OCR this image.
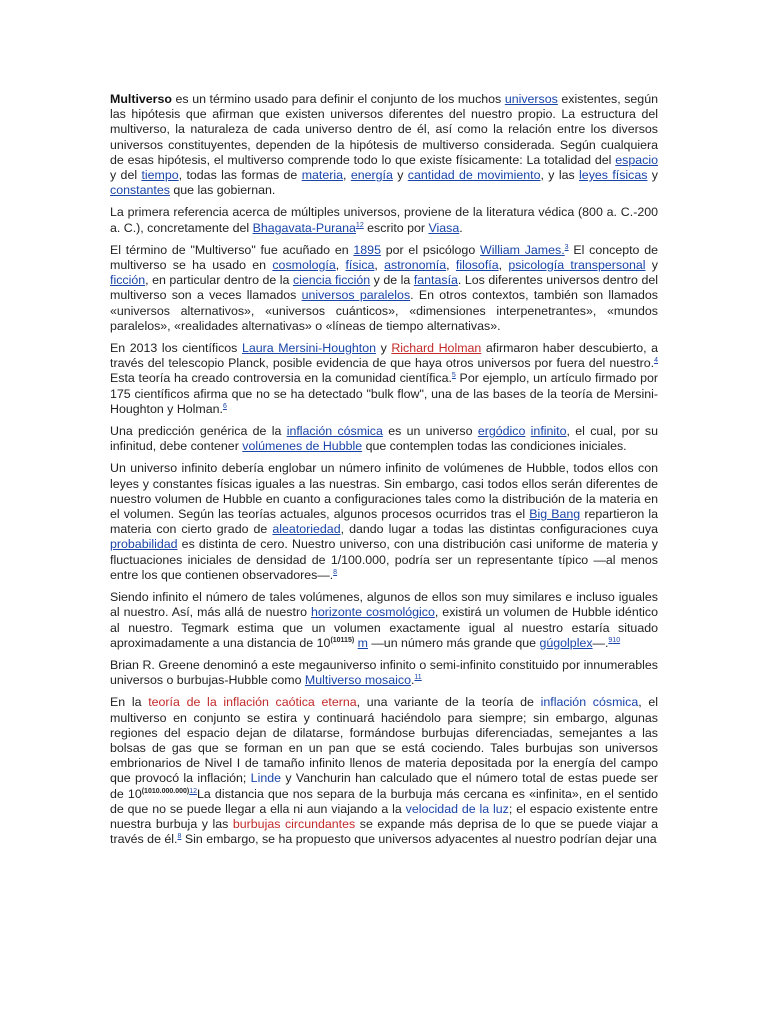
Multiverso es un término usado para definir el conjunto de los muchos universos existentes, según las hipótesis que afirman que existen universos diferentes del nuestro propio. La estructura del multiverso, la naturaleza de cada universo dentro de él, así como la relación entre los diversos universos constituyentes, dependen de la hipótesis de multiverso considerada. Según cualquiera de esas hipótesis, el multiverso comprende todo lo que existe físicamente: La totalidad del espacio y del tiempo, todas las formas de materia, energía y cantidad de movimiento, y las leyes físicas y constantes que las gobiernan.

La primera referencia acerca de múltiples universos, proviene de la literatura védica (800 a. C.-200 a. C.), concretamente del Bhagavata-Purana$^{12}$ escrito por Viasa.

El término de "Multiverso" fue acuñado en 1895 por el psicólogo William James.$^3$ El concepto de multiverso se ha usado en cosmología, física, astronomía, filosofía, psicología transpersonal y ficción, en particular dentro de la ciencia ficción y de la fantasía. Los diferentes universos dentro del multiverso son a veces llamados universos paralelos. En otros contextos, también son llamados «universos alternativos», «universos cuánticos», «dimensiones interpenetrantes», «mundos paralelos», «realidades alternativas» o «líneas de tiempo alternativas».

En 2013 los científicos Laura Mersini-Houghton y Richard Holman afirmaron haber descubierto, a través del telescopio Planck, posible evidencia de que haya otros universos por fuera del nuestro.$^4$ Esta teoría ha creado controversia en la comunidad científica.$^5$ Por ejemplo, un artículo firmado por 175 científicos afirma que no se ha detectado "bulk flow", una de las bases de la teoría de Mersini-Houghton y Holman.$^6$

Una predicción genérica de la inflación cósmica es un universo ergódico infinito, el cual, por su infinitud, debe contener volúmenes de Hubble que contemplen todas las condiciones iniciales.

Un universo infinito debería englobar un número infinito de volúmenes de Hubble, todos ellos con leyes y constantes físicas iguales a las nuestras. Sin embargo, casi todos ellos serán diferentes de nuestro volumen de Hubble en cuanto a configuraciones tales como la distribución de la materia en el volumen. Según las teorías actuales, algunos procesos ocurridos tras el Big Bang repartieron la materia con cierto grado de aleatoriedad, dando lugar a todas las distintas configuraciones cuya probabilidad es distinta de cero. Nuestro universo, con una distribución casi uniforme de materia y fluctuaciones iniciales de densidad de 1/100.000, podría ser un representante típico —al menos entre los que contienen observadores—.$^8$

Siendo infinito el número de tales volúmenes, algunos de ellos son muy similares e incluso iguales al nuestro. Así, más allá de nuestro horizonte cosmológico, existirá un volumen de Hubble idéntico al nuestro. Tegmark estima que un volumen exactamente igual al nuestro estaría situado aproximadamente a una distancia de $10^{(10115)}$ m —un número más grande que gúgolplex—.$^{910}$

Brian R. Greene denominó a este megauniverso infinito o semi-infinito constituido por innumerables universos o burbujas-Hubble como Multiverso mosaico.$^{11}$

En la teoría de la inflación caótica eterna, una variante de la teoría de inflación cósmica, el multiverso en conjunto se estira y continuará haciéndolo para siempre; sin embargo, algunas regiones del espacio dejan de dilatarse, formándose burbujas diferenciadas, semejantes a las bolsas de gas que se forman en un pan que se está cociendo. Tales burbujas son universos embrionarios de Nivel I de tamaño infinito llenos de materia depositada por la energía del campo que provocó la inflación; Linde y Vanchurin han calculado que el número total de estas puede ser de $10^{(1010.000.000)12}La$ distancia que nos separa de la burbuja más cercana es «infinita», en el sentido de que no se puede llegar a ella ni aun viajando a la velocidad de la luz; el espacio existente entre nuestra burbuja y las burbujas circundantes se expande más deprisa de lo que se puede viajar a través de él.$^8$ Sin embargo, se ha propuesto que universos adyacentes al nuestro podrían dejar una
